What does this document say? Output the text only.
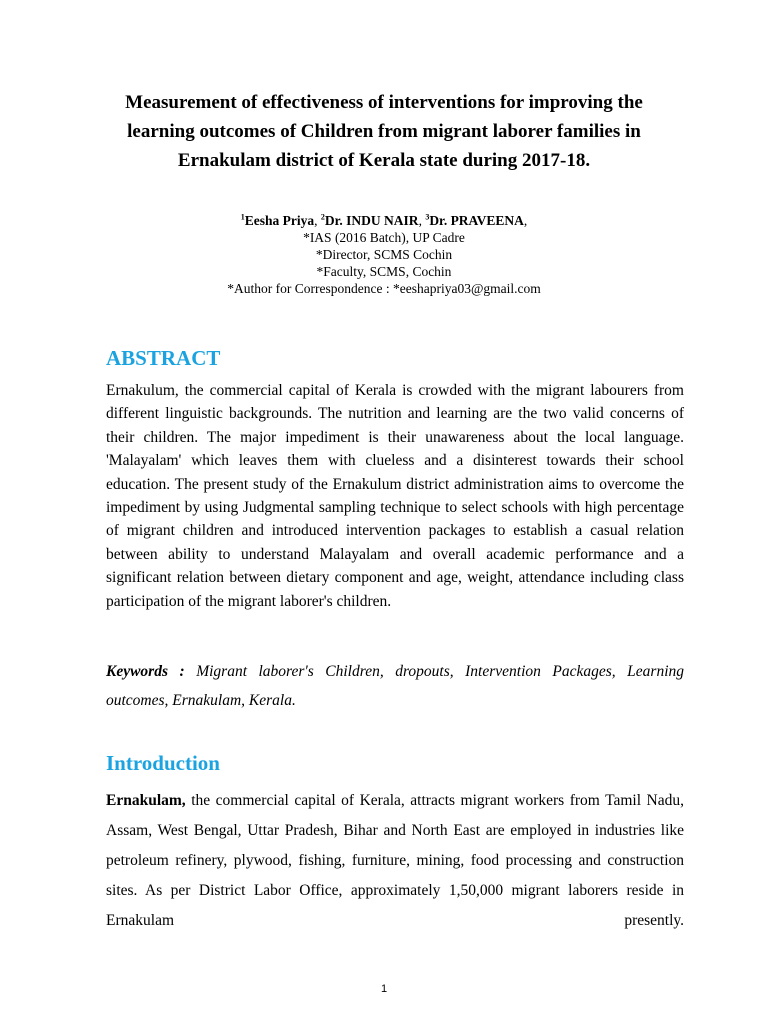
Measurement of effectiveness of interventions for improving the learning outcomes of Children from migrant laborer families in Ernakulam district of Kerala state during 2017-18.
$^1$Eesha Priya, $^2$Dr. INDU NAIR, $^3$Dr. PRAVEENA,
*IAS (2016 Batch), UP Cadre
*Director, SCMS Cochin
*Faculty, SCMS, Cochin
*Author for Correspondence : *eeshapriya03@gmail.com
ABSTRACT

Ernakulum, the commercial capital of Kerala is crowded with the migrant labourers from different linguistic backgrounds. The nutrition and learning are the two valid concerns of their children. The major impediment is their unawareness about the local language. 'Malayalam' which leaves them with clueless and a disinterest towards their school education. The present study of the Ernakulum district administration aims to overcome the impediment by using Judgmental sampling technique to select schools with high percentage of migrant children and introduced intervention packages to establish a casual relation between ability to understand Malayalam and overall academic performance and a significant relation between dietary component and age, weight, attendance including class participation of the migrant laborer's children.

Keywords : Migrant laborer's Children, dropouts, Intervention Packages, Learning outcomes, Ernakulam, Kerala.

Introduction

Ernakulam, the commercial capital of Kerala, attracts migrant workers from Tamil Nadu, Assam, West Bengal, Uttar Pradesh, Bihar and North East are employed in industries like petroleum refinery, plywood, fishing, furniture, mining, food processing and construction sites. As per District Labor Office, approximately 1,50,000 migrant laborers reside in Ernakulam presently.

1
